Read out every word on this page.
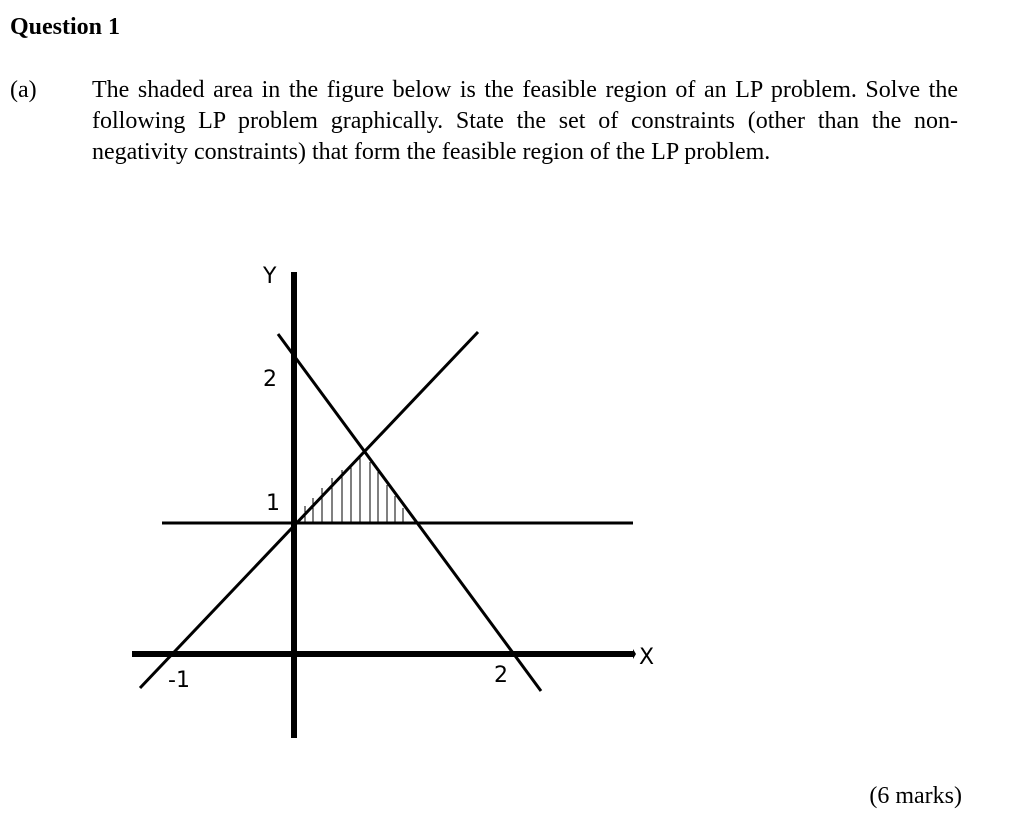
Question 1
(a) The shaded area in the figure below is the feasible region of an LP problem. Solve the following LP problem graphically. State the set of constraints (other than the non-negativity constraints) that form the feasible region of the LP problem.
Y
X
2
1
-1	2
(6 marks)
